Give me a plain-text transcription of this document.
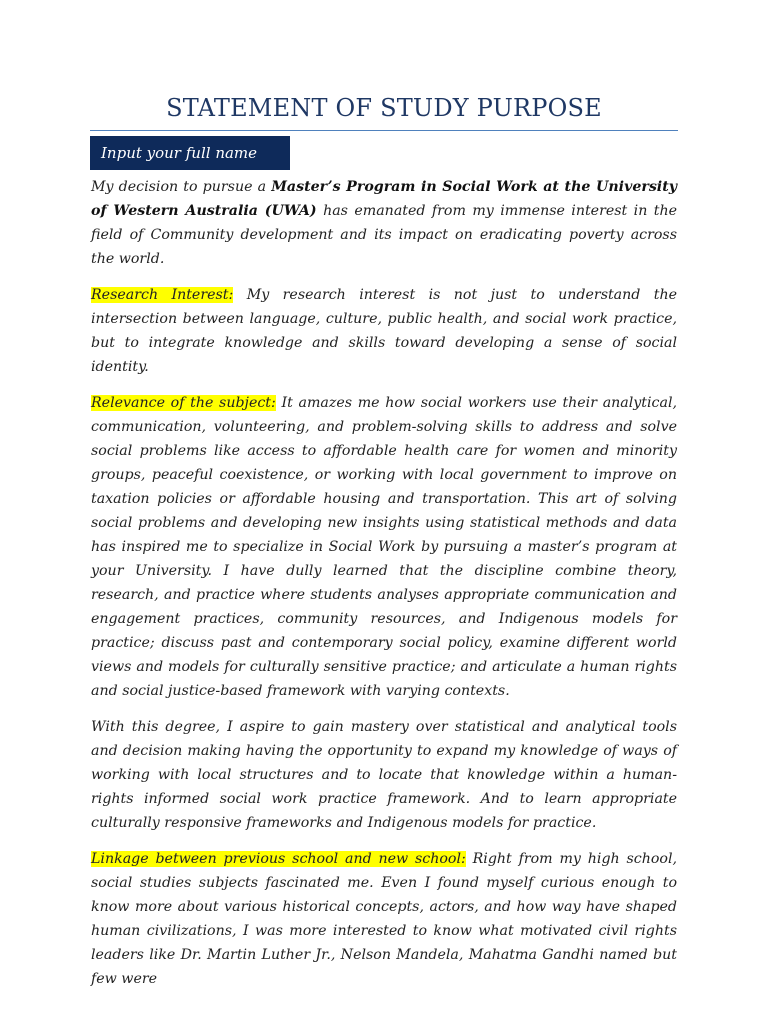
STATEMENT OF STUDY PURPOSE
Input your full name

My decision to pursue a Master’s Program in Social Work at the University of Western Australia (UWA) has emanated from my immense interest in the field of Community development and its impact on eradicating poverty across the world.

Research Interest: My research interest is not just to understand the intersection between language, culture, public health, and social work practice, but to integrate knowledge and skills toward developing a sense of social identity.

Relevance of the subject: It amazes me how social workers use their analytical, communication, volunteering, and problem-solving skills to address and solve social problems like access to affordable health care for women and minority groups, peaceful coexistence, or working with local government to improve on taxation policies or affordable housing and transportation. This art of solving social problems and developing new insights using statistical methods and data has inspired me to specialize in Social Work by pursuing a master’s program at your University. I have dully learned that the discipline combine theory, research, and practice where students analyses appropriate communication and engagement practices, community resources, and Indigenous models for practice; discuss past and contemporary social policy, examine different world views and models for culturally sensitive practice; and articulate a human rights and social justice-based framework with varying contexts.

With this degree, I aspire to gain mastery over statistical and analytical tools and decision making having the opportunity to expand my knowledge of ways of working with local structures and to locate that knowledge within a human-rights informed social work practice framework. And to learn appropriate culturally responsive frameworks and Indigenous models for practice.

Linkage between previous school and new school: Right from my high school, social studies subjects fascinated me. Even I found myself curious enough to know more about various historical concepts, actors, and how way have shaped human civilizations, I was more interested to know what motivated civil rights leaders like Dr. Martin Luther Jr., Nelson Mandela, Mahatma Gandhi named but few were
